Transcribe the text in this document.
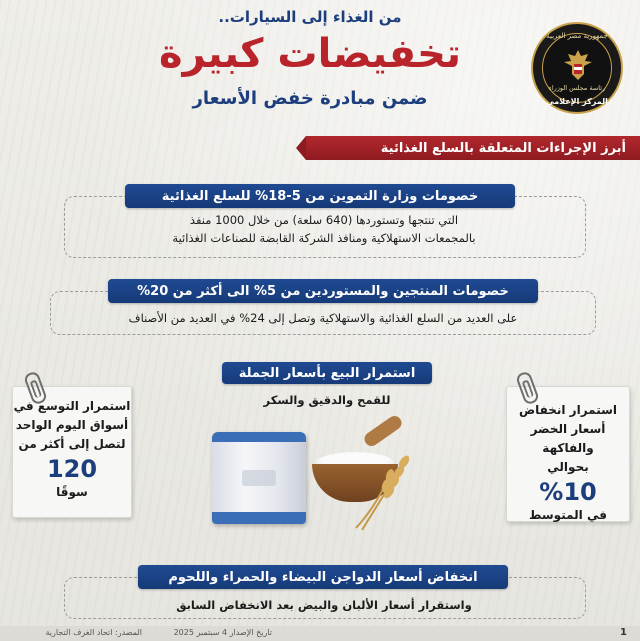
جمهورية مصر العربية
رئاسة مجلس الوزراء
المركز الإعلامي
من الغذاء إلى السيارات..
تخفيضات كبيرة
ضمن مبادرة خفض الأسعار
أبرز الإجراءات المتعلقة بالسلع الغذائية
خصومات وزارة التموين من 5-18% للسلع الغذائية
التي تنتجها وتستوردها (640 سلعة) من خلال 1000 منفذ
بالمجمعات الاستهلاكية ومنافذ الشركة القابضة للصناعات الغذائية
خصومات المنتجين والمستوردين من 5% الى أكثر من 20%
على العديد من السلع الغذائية والاستهلاكية وتصل إلى 24% في العديد من الأصناف
استمرار البيع بأسعار الجملة
للقمح والدقيق والسكر
استمرار التوسع في
أسواق اليوم الواحد
لتصل إلى أكثر من
120
سوقًا
استمرار انخفاض
أسعار الخضر والفاكهة
بحوالي
%10
في المتوسط
انخفاض أسعار الدواجن البيضاء والحمراء واللحوم
واستقرار أسعار الألبان والبيض بعد الانخفاض السابق
1
تاريخ الإصدار 4 سبتمبر 2025
المصدر: اتحاد الغرف التجارية
